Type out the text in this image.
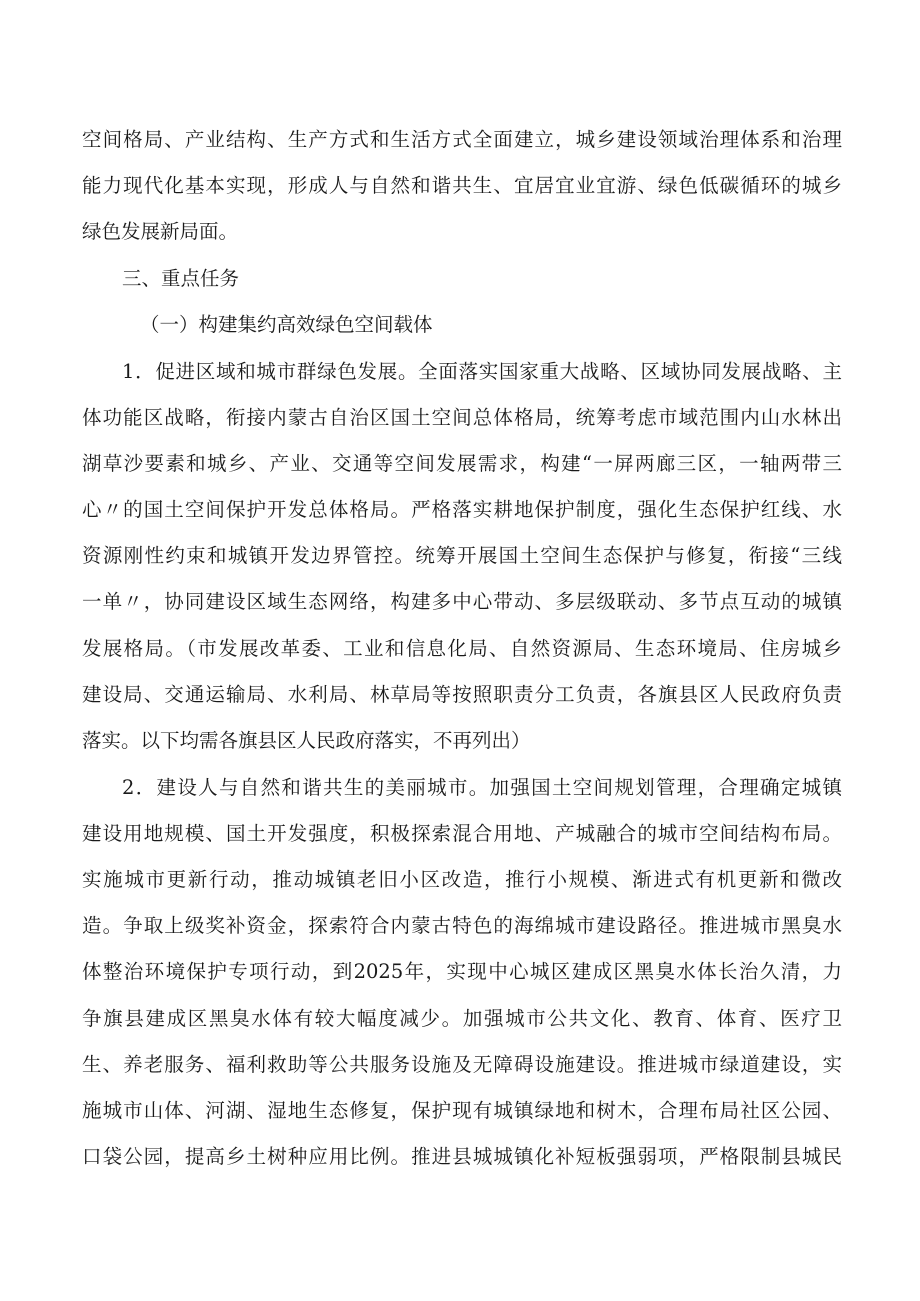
空间格局、产业结构、生产方式和生活方式全面建立，城乡建设领域治理体系和治理
能力现代化基本实现，形成人与自然和谐共生、宜居宜业宜游、绿色低碳循环的城乡
绿色发展新局面。
三、重点任务
（一）构建集约高效绿色空间载体
1．促进区域和城市群绿色发展。全面落实国家重大战略、区域协同发展战略、主
体功能区战略，衔接内蒙古自治区国土空间总体格局，统筹考虑市域范围内山水林出
湖草沙要素和城乡、产业、交通等空间发展需求，构建“一屏两廊三区，一轴两带三
心〃的国土空间保护开发总体格局。严格落实耕地保护制度，强化生态保护红线、水
资源刚性约束和城镇开发边界管控。统筹开展国土空间生态保护与修复，衔接“三线
一单〃，协同建设区域生态网络，构建多中心带动、多层级联动、多节点互动的城镇
发展格局。（市发展改革委、工业和信息化局、自然资源局、生态环境局、住房城乡
建设局、交通运输局、水利局、林草局等按照职责分工负责，各旗县区人民政府负责
落实。以下均需各旗县区人民政府落实，不再列出）
2．建设人与自然和谐共生的美丽城市。加强国土空间规划管理，合理确定城镇
建设用地规模、国土开发强度，积极探索混合用地、产城融合的城市空间结构布局。
实施城市更新行动，推动城镇老旧小区改造，推行小规模、渐进式有机更新和微改
造。争取上级奖补资金，探索符合内蒙古特色的海绵城市建设路径。推进城市黑臭水
体整治环境保护专项行动，到2025年，实现中心城区建成区黑臭水体长治久清，力
争旗县建成区黑臭水体有较大幅度减少。加强城市公共文化、教育、体育、医疗卫
生、养老服务、福利救助等公共服务设施及无障碍设施建设。推进城市绿道建设，实
施城市山体、河湖、湿地生态修复，保护现有城镇绿地和树木，合理布局社区公园、
口袋公园，提高乡土树种应用比例。推进县城城镇化补短板强弱项，严格限制县城民
